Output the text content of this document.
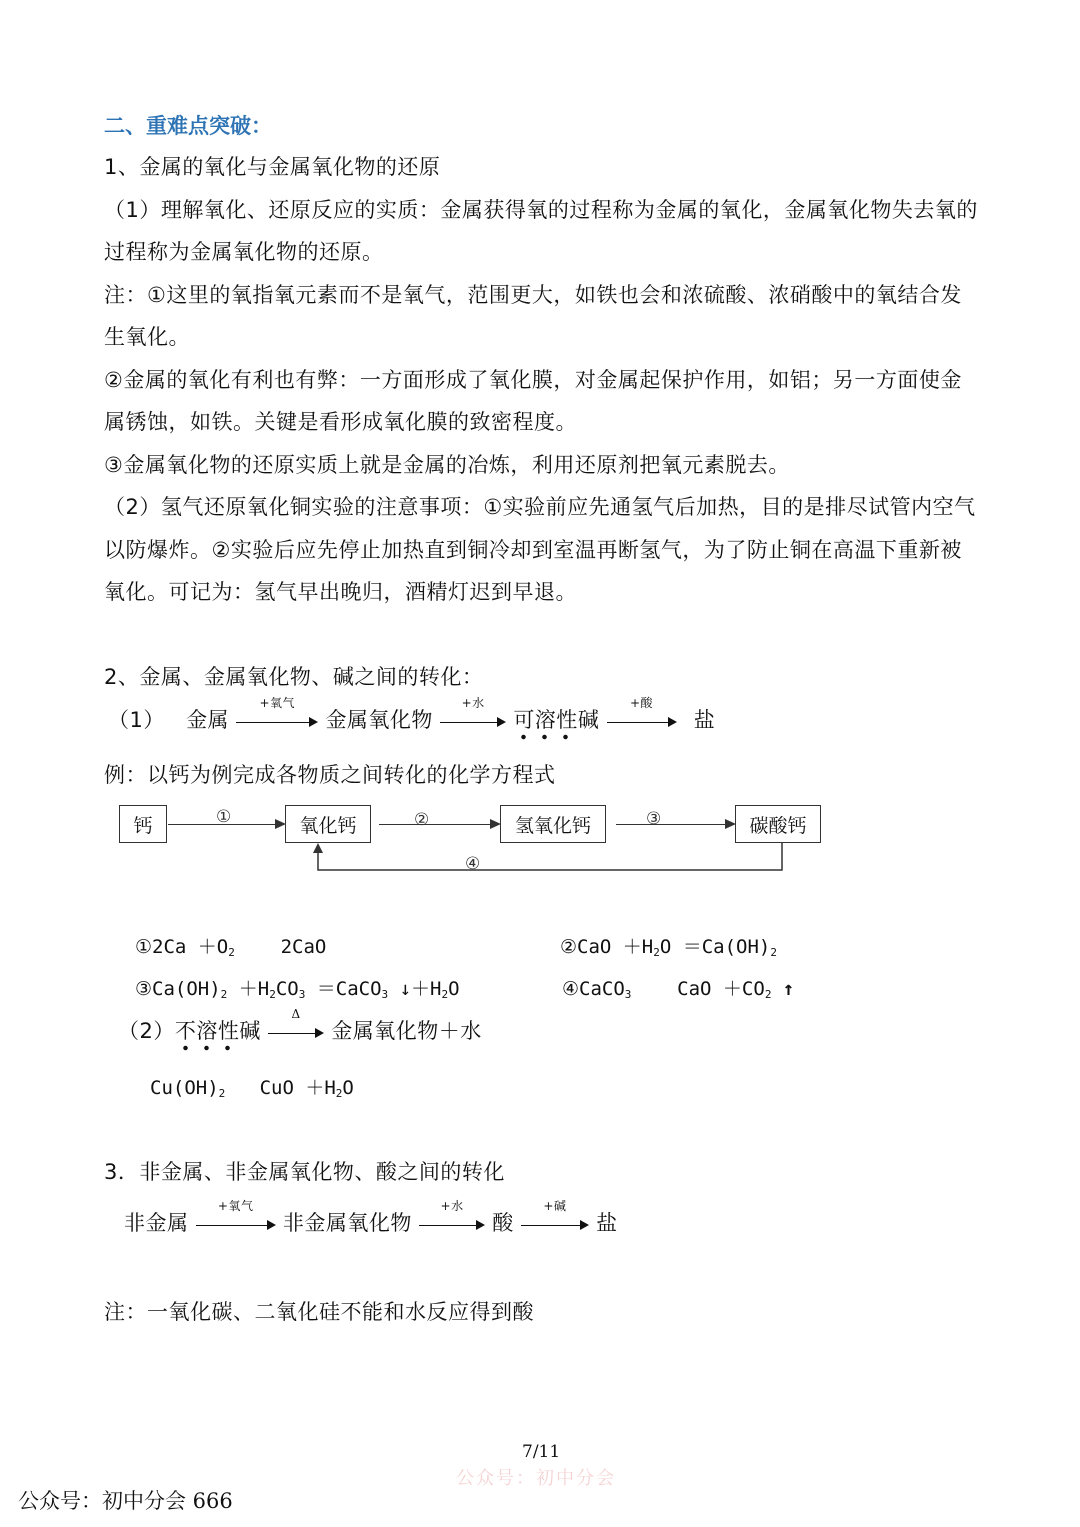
二、重难点突破：
1、金属的氧化与金属氧化物的还原
（1）理解氧化、还原反应的实质：金属获得氧的过程称为金属的氧化，金属氧化物失去氧的
过程称为金属氧化物的还原。
注：①这里的氧指氧元素而不是氧气，范围更大，如铁也会和浓硫酸、浓硝酸中的氧结合发
生氧化。
②金属的氧化有利也有弊：一方面形成了氧化膜，对金属起保护作用，如铝；另一方面使金
属锈蚀，如铁。关键是看形成氧化膜的致密程度。
③金属氧化物的还原实质上就是金属的冶炼，利用还原剂把氧元素脱去。
（2）氢气还原氧化铜实验的注意事项：①实验前应先通氢气后加热，目的是排尽试管内空气
以防爆炸。②实验后应先停止加热直到铜冷却到室温再断氢气，为了防止铜在高温下重新被
氧化。可记为：氢气早出晚归，酒精灯迟到早退。
2、金属、金属氧化物、碱之间的转化：
（1） 金属
+氧气
金属氧化物
+水
可溶性碱
+酸
盐
例：以钙为例完成各物质之间转化的化学方程式
钙	氧化钙	氢氧化钙	碳酸钙
①	②	③
④
①2Ca $+O_2$    2CaO	②CaO $+H_2O =Ca(OH)_2$
$③Ca(OH)_2 +H_2CO_3$ ＝CaCO$_3$ $↓+H_2O$	④CaCO$_3$    CaO $+CO_2$ ↑
（2）不溶性碱
Δ
金属氧化物＋水
$Cu(OH)_2$   CuO $+H_2O$
3．非金属、非金属氧化物、酸之间的转化
非金属
+氧气
非金属氧化物
+水
酸
+碱
盐
注：一氧化碳、二氧化硅不能和水反应得到酸
7/11
公众号：初中分会
公众号：初中分会 666
